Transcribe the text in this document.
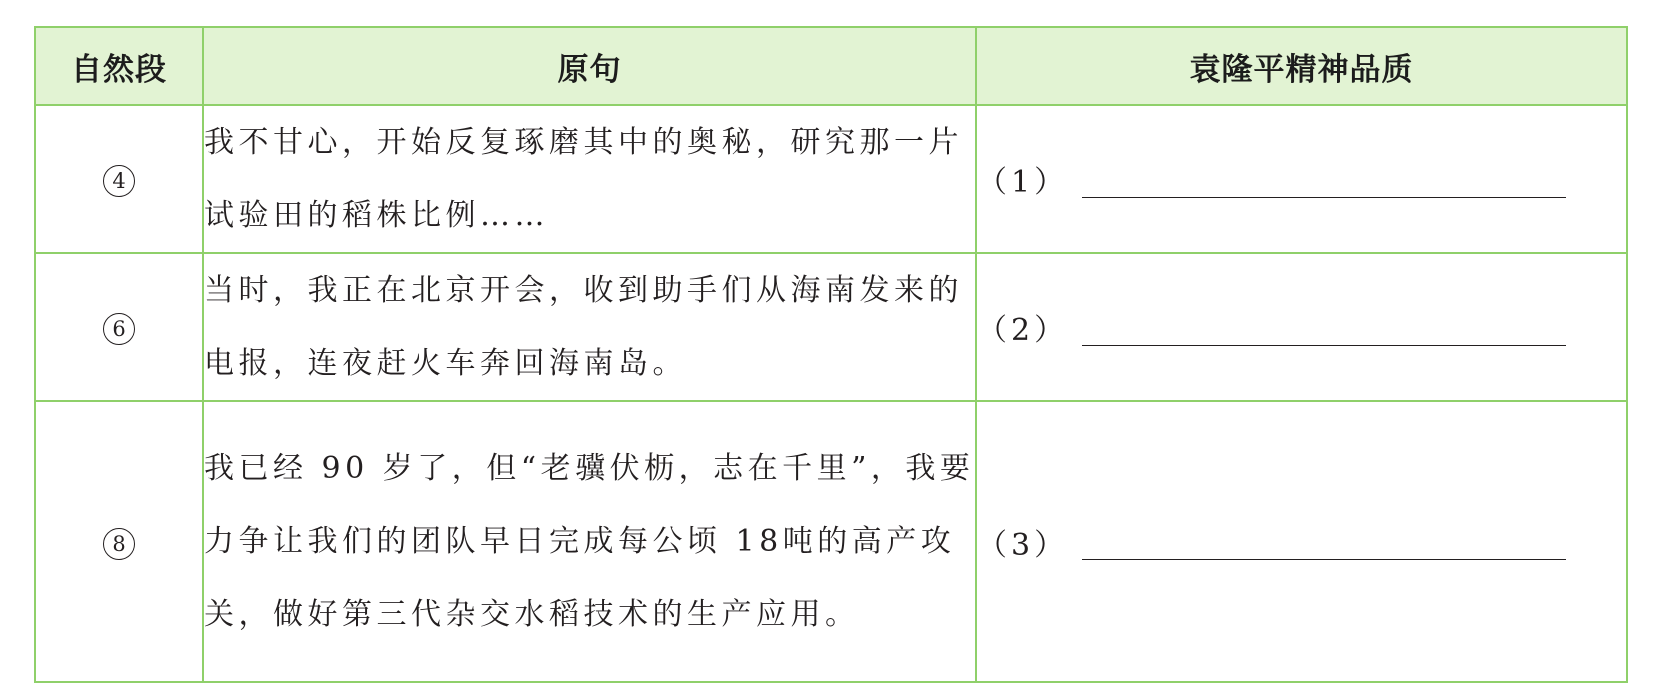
自然段	原句	袁隆平精神品质
4	我不甘心，开始反复琢磨其中的奥秘，研究那一片试验田的稻株比例……	（1）

6	当时，我正在北京开会，收到助手们从海南发来的电报，连夜赶火车奔回海南岛。	（2）

8	我已经 90 岁了，但“老骥伏枥，志在千里”，我要力争让我们的团队早日完成每公顷 18吨的高产攻关，做好第三代杂交水稻技术的生产应用。	（3）
